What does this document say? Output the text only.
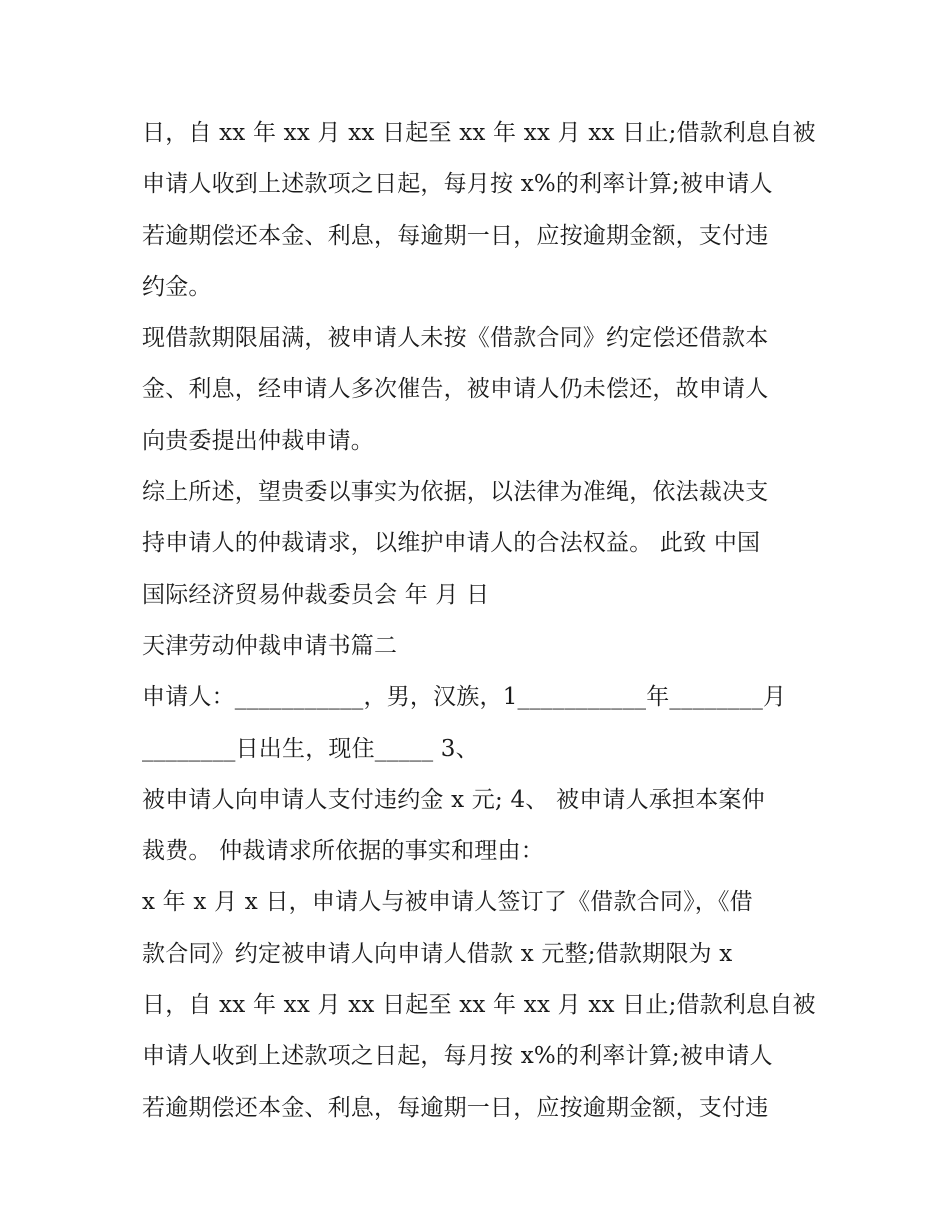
日，自 xx 年 xx 月 xx 日起至 xx 年 xx 月 xx 日止;借款利息自被
申请人收到上述款项之日起，每月按 x%的利率计算;被申请人
若逾期偿还本金、利息，每逾期一日，应按逾期金额，支付违
约金。
现借款期限届满，被申请人未按《借款合同》约定偿还借款本
金、利息，经申请人多次催告，被申请人仍未偿还，故申请人
向贵委提出仲裁申请。
综上所述，望贵委以事实为依据，以法律为准绳，依法裁决支
持申请人的仲裁请求，以维护申请人的合法权益。 此致 中国
国际经济贸易仲裁委员会 年 月 日
天津劳动仲裁申请书篇二
申请人：___________，男，汉族，1___________年________月
________日出生，现住_____ 3、
被申请人向申请人支付违约金 x 元; 4、 被申请人承担本案仲
裁费。 仲裁请求所依据的事实和理由：
x 年 x 月 x 日，申请人与被申请人签订了《借款合同》，《借
款合同》约定被申请人向申请人借款 x 元整;借款期限为 x
日，自 xx 年 xx 月 xx 日起至 xx 年 xx 月 xx 日止;借款利息自被
申请人收到上述款项之日起，每月按 x%的利率计算;被申请人
若逾期偿还本金、利息，每逾期一日，应按逾期金额，支付违
